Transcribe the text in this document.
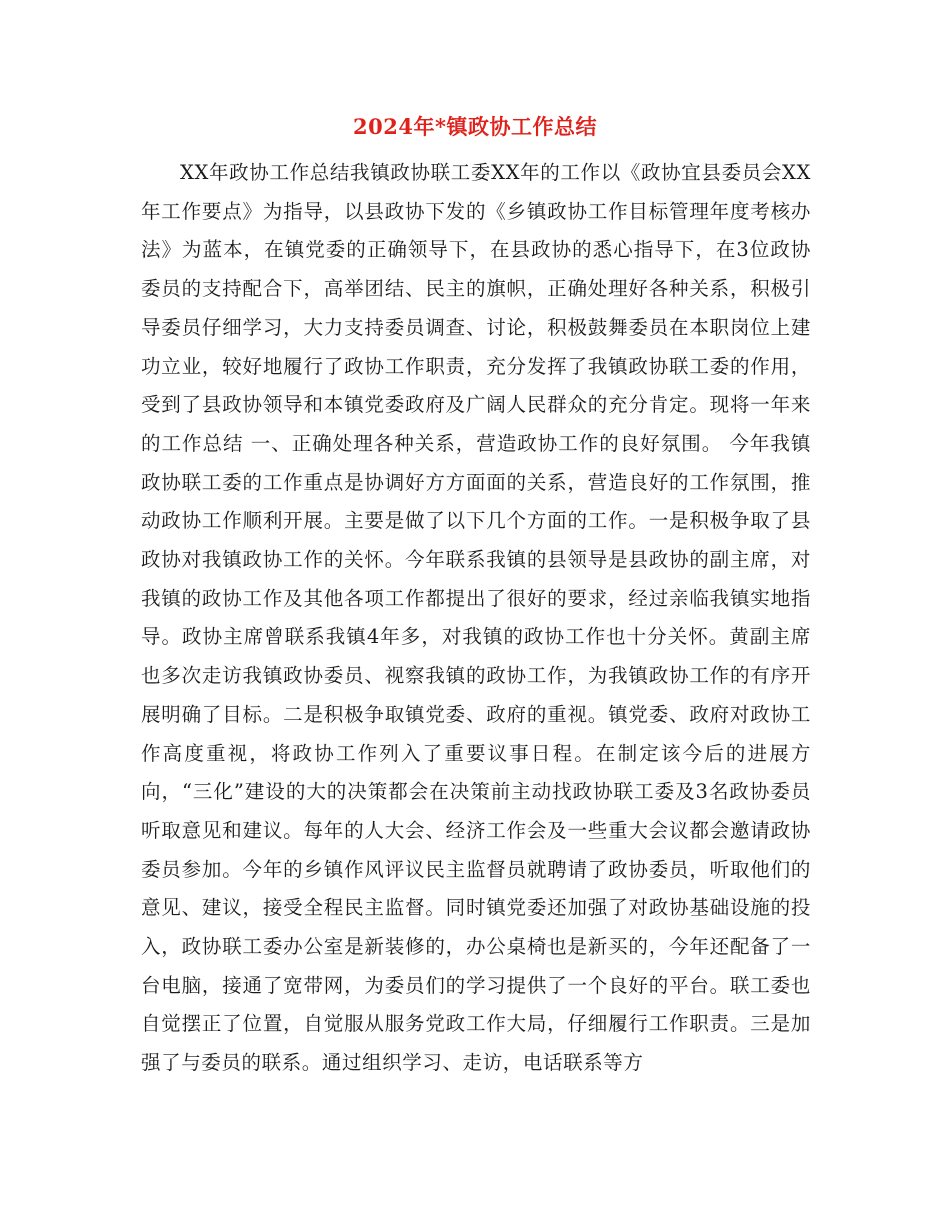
2024年*镇政协工作总结

XX年政协工作总结我镇政协联工委XX年的工作以《政协宜县委员会XX年工作要点》为指导，以县政协下发的《乡镇政协工作目标管理年度考核办法》为蓝本，在镇党委的正确领导下，在县政协的悉心指导下，在3位政协委员的支持配合下，高举团结、民主的旗帜，正确处理好各种关系，积极引导委员仔细学习，大力支持委员调查、讨论，积极鼓舞委员在本职岗位上建功立业，较好地履行了政协工作职责，充分发挥了我镇政协联工委的作用，受到了县政协领导和本镇党委政府及广阔人民群众的充分肯定。现将一年来的工作总结 一、正确处理各种关系，营造政协工作的良好氛围。 今年我镇政协联工委的工作重点是协调好方方面面的关系，营造良好的工作氛围，推动政协工作顺利开展。主要是做了以下几个方面的工作。一是积极争取了县政协对我镇政协工作的关怀。今年联系我镇的县领导是县政协的副主席，对我镇的政协工作及其他各项工作都提出了很好的要求，经过亲临我镇实地指导。政协主席曾联系我镇4年多，对我镇的政协工作也十分关怀。黄副主席也多次走访我镇政协委员、视察我镇的政协工作，为我镇政协工作的有序开展明确了目标。二是积极争取镇党委、政府的重视。镇党委、政府对政协工作高度重视，将政协工作列入了重要议事日程。在制定该今后的进展方向，“三化”建设的大的决策都会在决策前主动找政协联工委及3名政协委员听取意见和建议。每年的人大会、经济工作会及一些重大会议都会邀请政协委员参加。今年的乡镇作风评议民主监督员就聘请了政协委员，听取他们的意见、建议，接受全程民主监督。同时镇党委还加强了对政协基础设施的投入，政协联工委办公室是新装修的，办公桌椅也是新买的，今年还配备了一台电脑，接通了宽带网，为委员们的学习提供了一个良好的平台。联工委也自觉摆正了位置，自觉服从服务党政工作大局，仔细履行工作职责。三是加强了与委员的联系。通过组织学习、走访，电话联系等方
